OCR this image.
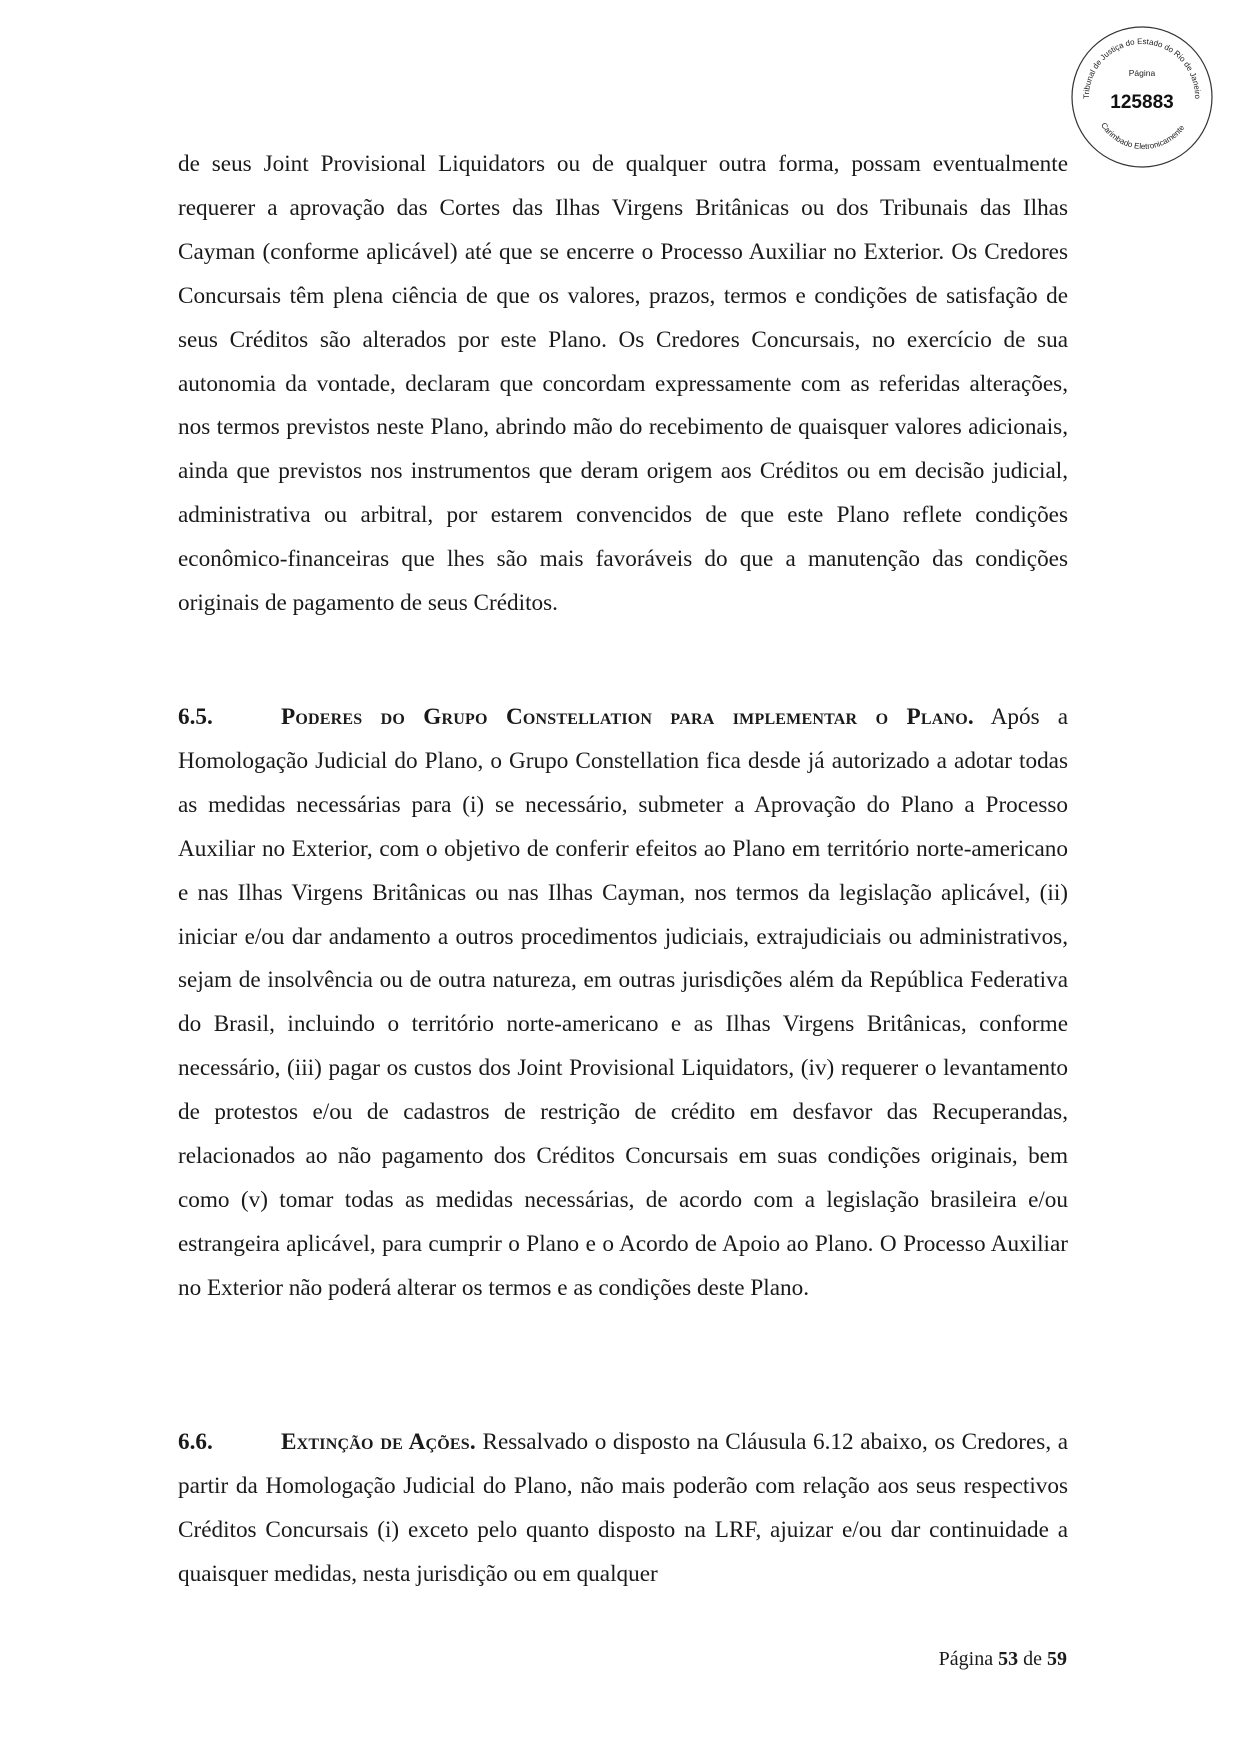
Tribunal de Justiça do Estado do Rio de Janeiro
Carimbado Eletronicamente
Página
125883
de seus Joint Provisional Liquidators ou de qualquer outra forma, possam eventualmente requerer a aprovação das Cortes das Ilhas Virgens Britânicas ou dos Tribunais das Ilhas Cayman (conforme aplicável) até que se encerre o Processo Auxiliar no Exterior. Os Credores Concursais têm plena ciência de que os valores, prazos, termos e condições de satisfação de seus Créditos são alterados por este Plano. Os Credores Concursais, no exercício de sua autonomia da vontade, declaram que concordam expressamente com as referidas alterações, nos termos previstos neste Plano, abrindo mão do recebimento de quaisquer valores adicionais, ainda que previstos nos instrumentos que deram origem aos Créditos ou em decisão judicial, administrativa ou arbitral, por estarem convencidos de que este Plano reflete condições econômico-financeiras que lhes são mais favoráveis do que a manutenção das condições originais de pagamento de seus Créditos.
6.5.	Poderes do Grupo Constellation para implementar o Plano. Após a Homologação Judicial do Plano, o Grupo Constellation fica desde já autorizado a adotar todas as medidas necessárias para (i) se necessário, submeter a Aprovação do Plano a Processo Auxiliar no Exterior, com o objetivo de conferir efeitos ao Plano em território norte-americano e nas Ilhas Virgens Britânicas ou nas Ilhas Cayman, nos termos da legislação aplicável, (ii) iniciar e/ou dar andamento a outros procedimentos judiciais, extrajudiciais ou administrativos, sejam de insolvência ou de outra natureza, em outras jurisdições além da República Federativa do Brasil, incluindo o território norte-americano e as Ilhas Virgens Britânicas, conforme necessário, (iii) pagar os custos dos Joint Provisional Liquidators, (iv) requerer o levantamento de protestos e/ou de cadastros de restrição de crédito em desfavor das Recuperandas, relacionados ao não pagamento dos Créditos Concursais em suas condições originais, bem como (v) tomar todas as medidas necessárias, de acordo com a legislação brasileira e/ou estrangeira aplicável, para cumprir o Plano e o Acordo de Apoio ao Plano. O Processo Auxiliar no Exterior não poderá alterar os termos e as condições deste Plano.
6.6.	Extinção de Ações. Ressalvado o disposto na Cláusula 6.12 abaixo, os Credores, a partir da Homologação Judicial do Plano, não mais poderão com relação aos seus respectivos Créditos Concursais (i) exceto pelo quanto disposto na LRF, ajuizar e/ou dar continuidade a quaisquer medidas, nesta jurisdição ou em qualquer
Página 53 de 59
